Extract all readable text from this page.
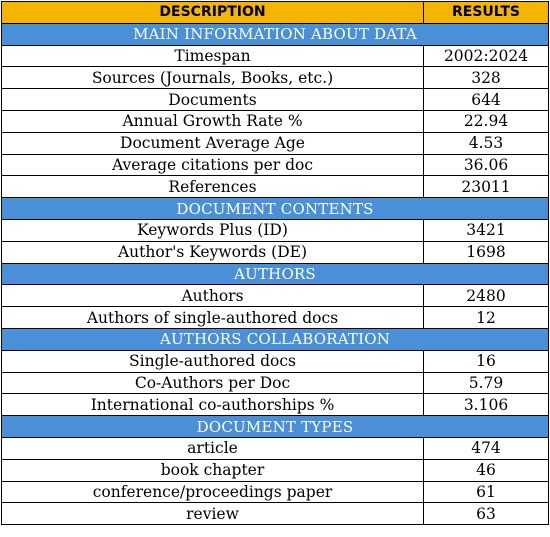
DESCRIPTION	RESULTS
MAIN INFORMATION ABOUT DATA	
Timespan	2002:2024
Sources (Journals, Books, etc.)	328
Documents	644
Annual Growth Rate %	22.94
Document Average Age	4.53
Average citations per doc	36.06
References	23011
DOCUMENT CONTENTS	
Keywords Plus (ID)	3421
Author's Keywords (DE)	1698
AUTHORS	
Authors	2480
Authors of single-authored docs	12
AUTHORS COLLABORATION	
Single-authored docs	16
Co-Authors per Doc	5.79
International co-authorships %	3.106
DOCUMENT TYPES	
article	474
book chapter	46
conference/proceedings paper	61
review	63
